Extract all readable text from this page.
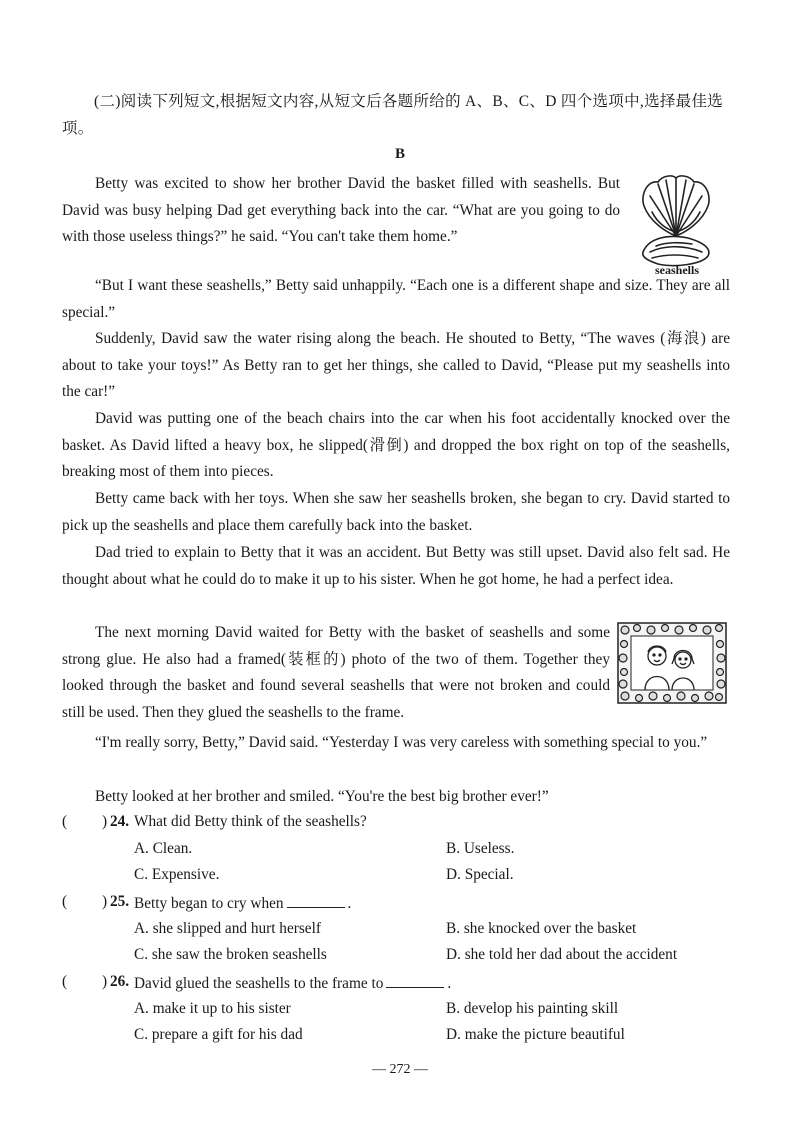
(二)阅读下列短文,根据短文内容,从短文后各题所给的 A、B、C、D 四个选项中,选择最佳选项。
B
Betty was excited to show her brother David the basket filled with seashells. But David was busy helping Dad get everything back into the car. “What are you going to do with those useless things?” he said. “You can't take them home.”
“But I want these seashells,” Betty said unhappily. “Each one is a different shape and size. They are all special.”
Suddenly, David saw the water rising along the beach. He shouted to Betty, “The waves (海浪) are about to take your toys!” As Betty ran to get her things, she called to David, “Please put my seashells into the car!”
David was putting one of the beach chairs into the car when his foot accidentally knocked over the basket. As David lifted a heavy box, he slipped(滑倒) and dropped the box right on top of the seashells, breaking most of them into pieces.
Betty came back with her toys. When she saw her seashells broken, she began to cry. David started to pick up the seashells and place them carefully back into the basket.
Dad tried to explain to Betty that it was an accident. But Betty was still upset. David also felt sad. He thought about what he could do to make it up to his sister. When he got home, he had a perfect idea.
The next morning David waited for Betty with the basket of seashells and some strong glue. He also had a framed(装框的) photo of the two of them. Together they looked through the basket and found several seashells that were not broken and could still be used. Then they glued the seashells to the frame.
“I'm really sorry, Betty,” David said. “Yesterday I was very careless with something special to you.”
Betty looked at her brother and smiled. “You're the best big brother ever!”
seashells
( ) 24. What did Betty think of the seashells?
A. Clean.	B. Useless.
C. Expensive.	D. Special.
( ) 25. Betty began to cry when	.
A. she slipped and hurt herself	B. she knocked over the basket
C. she saw the broken seashells	D. she told her dad about the accident
( ) 26. David glued the seashells to the frame to	.
A. make it up to his sister	B. develop his painting skill
C. prepare a gift for his dad	D. make the picture beautiful
— 272 —
